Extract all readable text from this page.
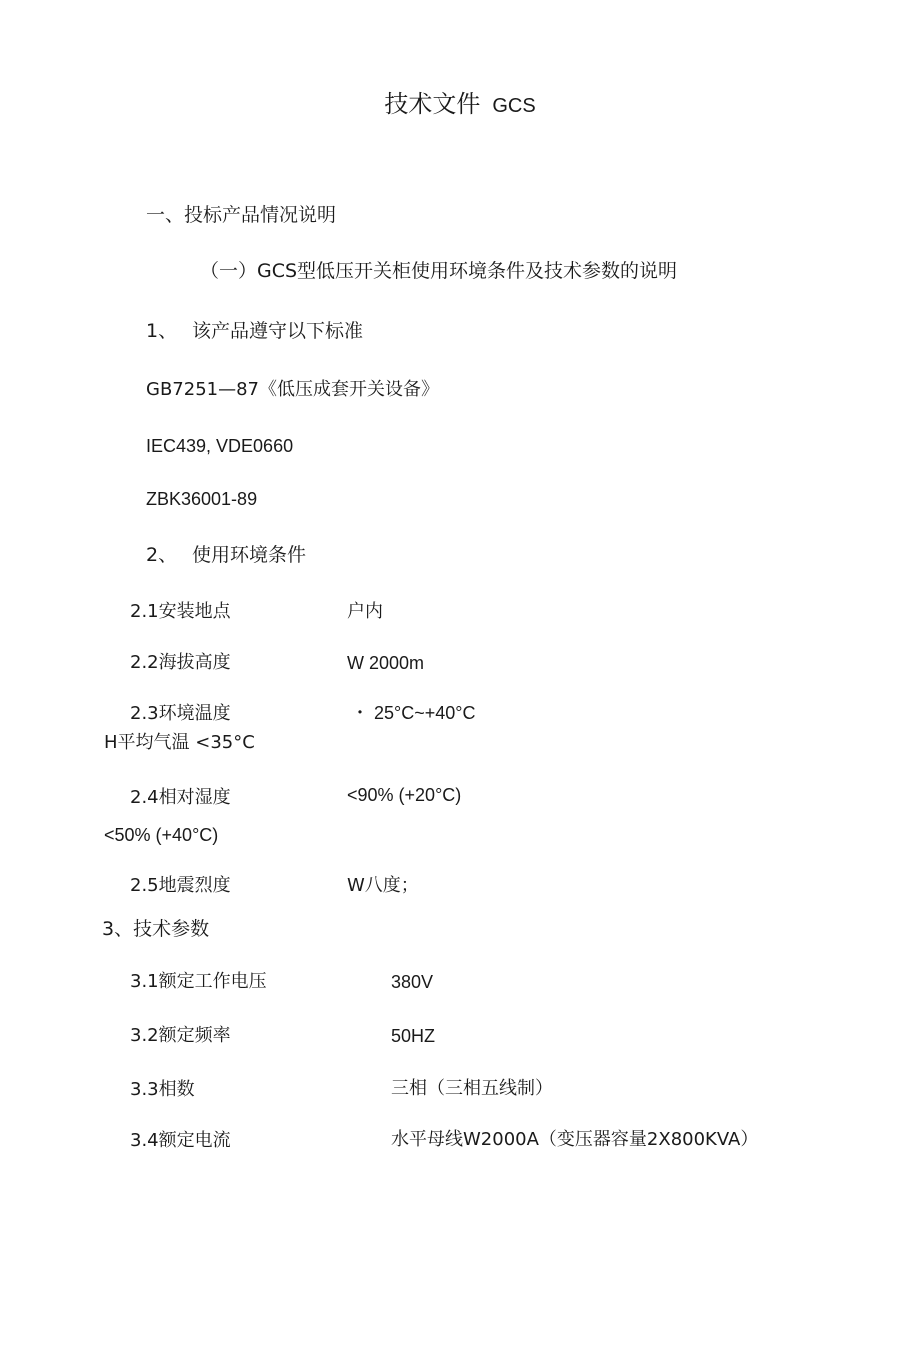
技术文件 GCS
一、投标产品情况说明
（一）GCS型低压开关柜使用环境条件及技术参数的说明
1、 该产品遵守以下标准
GB7251—87《低压成套开关设备》
IEC439, VDE0660
ZBK36001-89
2、 使用环境条件
2.1安装地点	户内
2.2海拔高度	W 2000m
2.3环境温度	・ 25°C~+40°C
H平均气温 <35°C
2.4相对湿度	<90% (+20°C)
<50% (+40°C)
2.5地震烈度	W八度；
3、技术参数
3.1额定工作电压	380V
3.2额定频率	50HZ
3.3相数	三相（三相五线制）
3.4额定电流	水平母线W2000A（变压器容量2X800KVA）
